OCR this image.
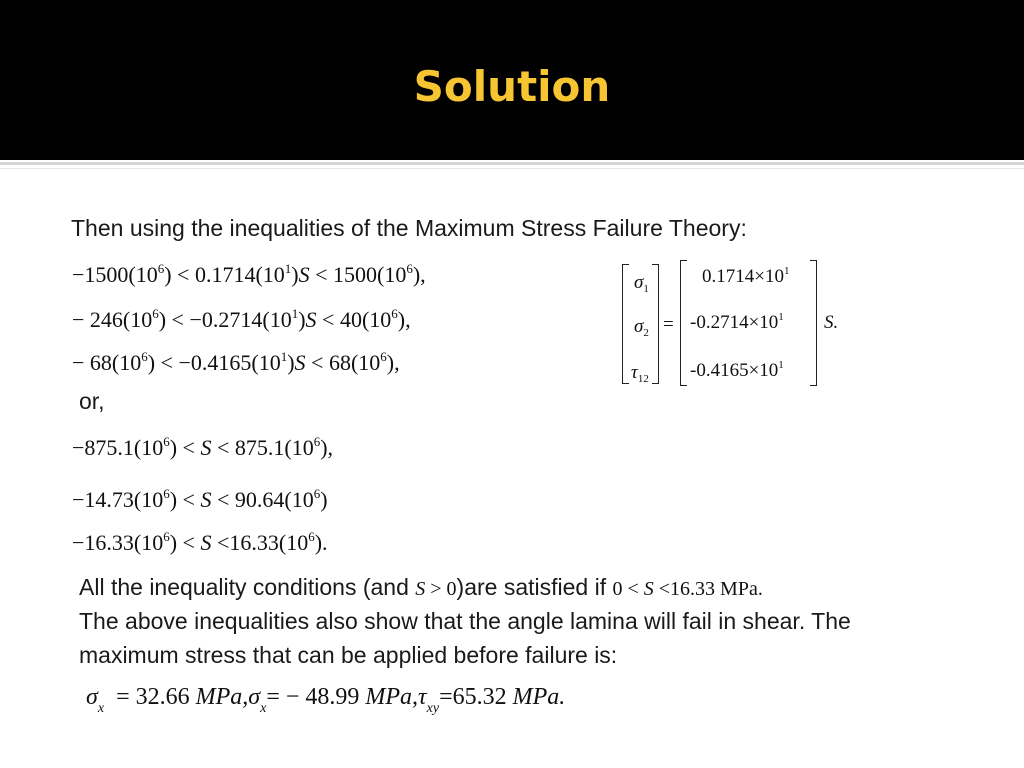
Solution
Then using the inequalities of the Maximum Stress Failure Theory:
$-1500(10^6) < 0.1714(10^1)S < 1500(10^6)$,
− $246(10^6) < -0.2714(10^1)S < 40(10^6)$,
− $68(10^6) < -0.4165(10^1)S < 68(10^6)$,
or,
$-875.1(10^6) < S < 875.1(10^6)$,
$-14.73(10^6) < S < 90.64(10^6)$
$-16.33(10^6) < S <16.33(10^6)$.
$\sigma_1$
$\sigma_2$
$\tau_{12}$
=
$0.1714\times 10^1$
$-0.2714\times 10^1$
$-0.4165\times 10^1$
S.
All the inequality conditions (and S > 0)are satisfied if 0 < S <16.33 MPa.
The above inequalities also show that the angle lamina will fail in shear. The
maximum stress that can be applied before failure is:
$\sigma_x = 32.66$ $MPa,\sigma_x= - 48.99$ $MPa,\tau_{xy}=65.32$ MPa.
